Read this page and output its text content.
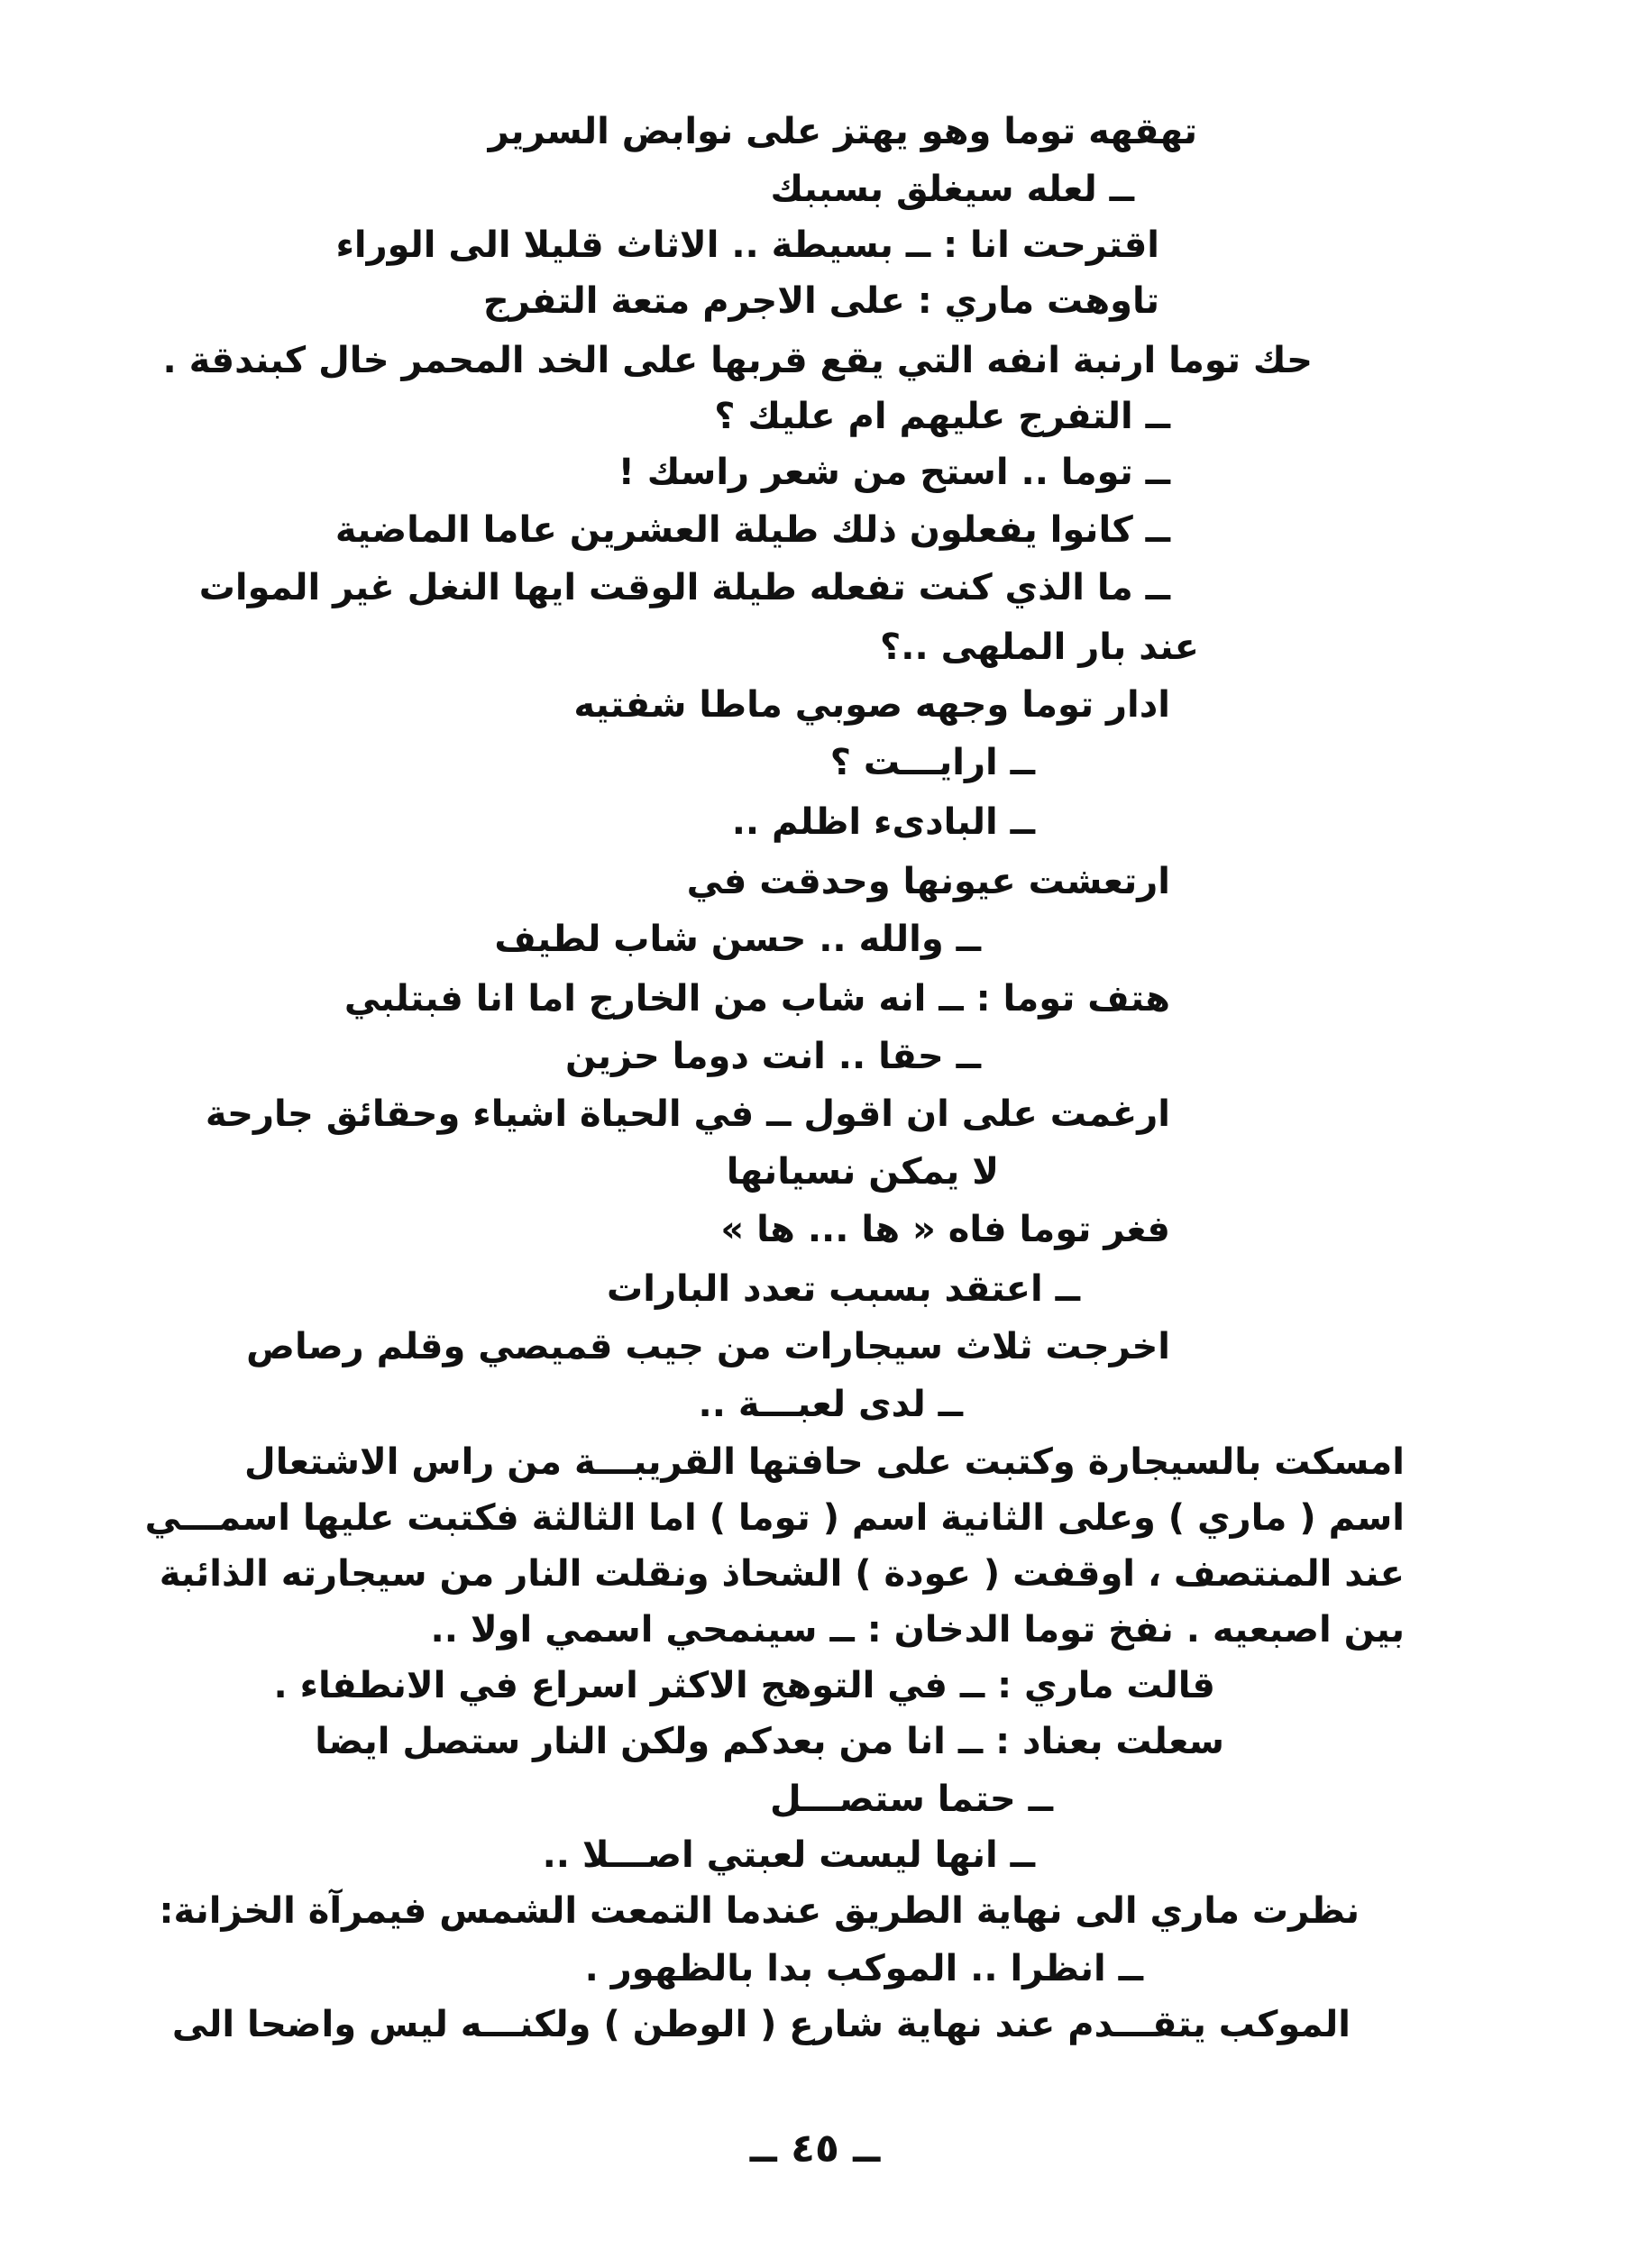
تهقهه توما وهو يهتز على نوابض السرير
ــ لعله سيغلق بسببك
اقترحت انا : ــ بسيطة .. الاثاث قليلا الى الوراء
تاوهت ماري : على الاجرم متعة التفرج
حك توما ارنبة انفه التي يقع قربها على الخد المحمر خال كبندقة .
ــ التفرج عليهم ام عليك ؟
ــ توما .. استح من شعر راسك !
ــ كانوا يفعلون ذلك طيلة العشرين عاما الماضية
ــ ما الذي كنت تفعله طيلة الوقت ايها النغل غير الموات
عند بار الملهى ..؟
ادار توما وجهه صوبي ماطا شفتيه
ــ ارايـــت ؟
ــ البادىء اظلم ..
ارتعشت عيونها وحدقت في
ــ والله .. حسن شاب لطيف
هتف توما : ــ انه شاب من الخارج اما انا فبتلبي
ــ حقا .. انت دوما حزين
ارغمت على ان اقول ــ في الحياة اشياء وحقائق جارحة
لا يمكن نسيانها
فغر توما فاه « ها ... ها »
ــ اعتقد بسبب تعدد البارات
اخرجت ثلاث سيجارات من جيب قميصي وقلم رصاص
ــ لدى لعبـــة ..
امسكت بالسيجارة وكتبت على حافتها القريبـــة من راس الاشتعال
اسم ( ماري ) وعلى الثانية اسم ( توما ) اما الثالثة فكتبت عليها اسمـــي
عند المنتصف ، اوقفت ( عودة ) الشحاذ ونقلت النار من سيجارته الذائبة
بين اصبعيه . نفخ توما الدخان : ــ سينمحي اسمي اولا ..
قالت ماري : ــ في التوهج الاكثر اسراع في الانطفاء .
سعلت بعناد : ــ انا من بعدكم ولكن النار ستصل ايضا
ــ حتما ستصـــل
ــ انها ليست لعبتي اصـــلا ..
نظرت ماري الى نهاية الطريق عندما التمعت الشمس فيمرآة الخزانة:
ــ انظرا .. الموكب بدا بالظهور .
الموكب يتقـــدم عند نهاية شارع ( الوطن ) ولكنـــه ليس واضحا الى
ــ ٤٥ ــ
